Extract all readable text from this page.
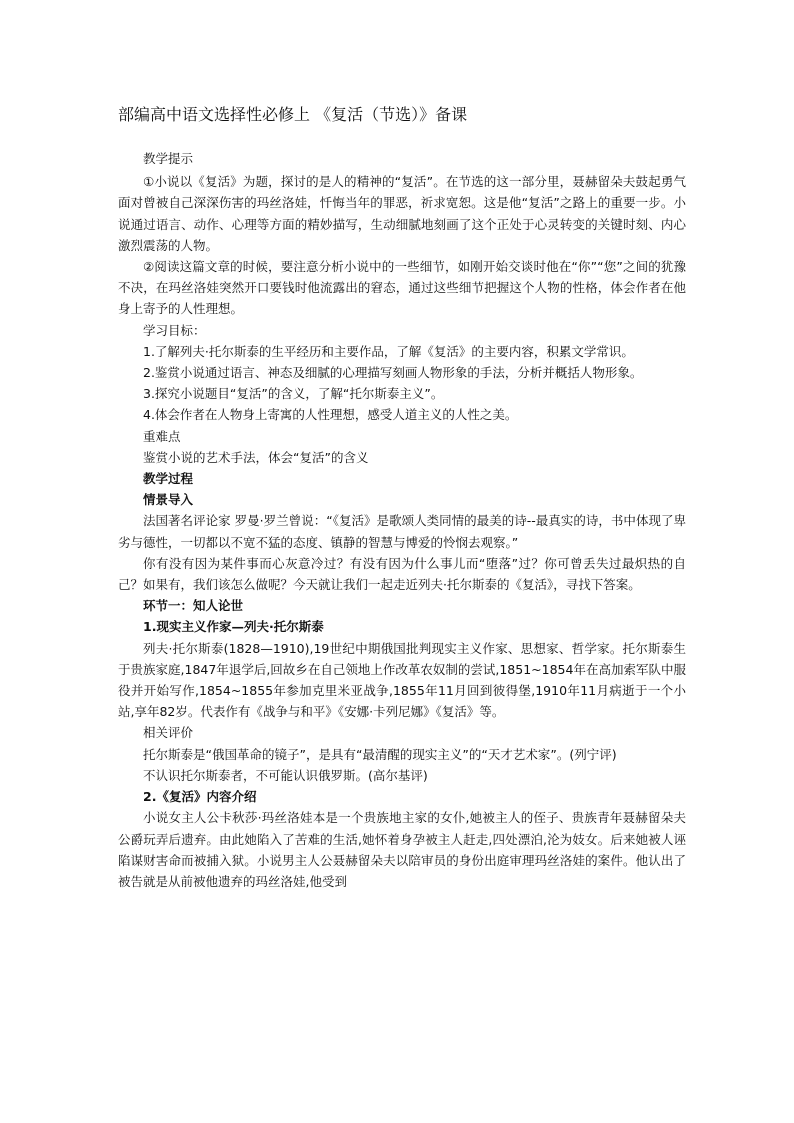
部编高中语文选择性必修上 《复活（节选）》备课

教学提示

①小说以《复活》为题，探讨的是人的精神的“复活”。在节选的这一部分里，聂赫留朵夫鼓起勇气面对曾被自己深深伤害的玛丝洛娃，忏悔当年的罪恶，祈求宽恕。这是他“复活”之路上的重要一步。小说通过语言、动作、心理等方面的精妙描写，生动细腻地刻画了这个正处于心灵转变的关键时刻、内心激烈震荡的人物。

②阅读这篇文章的时候，要注意分析小说中的一些细节，如刚开始交谈时他在“你”“您”之间的犹豫不决，在玛丝洛娃突然开口要钱时他流露出的窘态，通过这些细节把握这个人物的性格，体会作者在他身上寄予的人性理想。

学习目标：

1.了解列夫·托尔斯泰的生平经历和主要作品，了解《复活》的主要内容，积累文学常识。

2.鉴赏小说通过语言、神态及细腻的心理描写刻画人物形象的手法，分析并概括人物形象。

3.探究小说题目“复活”的含义，了解“托尔斯泰主义”。

4.体会作者在人物身上寄寓的人性理想，感受人道主义的人性之美。

重难点

鉴赏小说的艺术手法，体会“复活”的含义

教学过程

情景导入

法国著名评论家 罗曼·罗兰曾说：“《复活》是歌颂人类同情的最美的诗--最真实的诗，书中体现了卑劣与德性，一切都以不宽不猛的态度、镇静的智慧与博爱的怜悯去观察。”

你有没有因为某件事而心灰意冷过？有没有因为什么事儿而“堕落”过？你可曾丢失过最炽热的自己？如果有，我们该怎么做呢？今天就让我们一起走近列夫·托尔斯泰的《复活》，寻找下答案。

环节一：知人论世

1.现实主义作家—列夫·托尔斯泰

列夫·托尔斯泰(1828—1910),19世纪中期俄国批判现实主义作家、思想家、哲学家。托尔斯泰生于贵族家庭,1847年退学后,回故乡在自己领地上作改革农奴制的尝试,1851~1854年在高加索军队中服役并开始写作,1854~1855年参加克里米亚战争,1855年11月回到彼得堡,1910年11月病逝于一个小站,享年82岁。代表作有《战争与和平》《安娜·卡列尼娜》《复活》等。

相关评价

托尔斯泰是“俄国革命的镜子”，是具有“最清醒的现实主义”的“天才艺术家”。(列宁评)

不认识托尔斯泰者，不可能认识俄罗斯。(高尔基评)

2.《复活》内容介绍

小说女主人公卡秋莎·玛丝洛娃本是一个贵族地主家的女仆,她被主人的侄子、贵族青年聂赫留朵夫公爵玩弄后遗弃。由此她陷入了苦难的生活,她怀着身孕被主人赶走,四处漂泊,沦为妓女。后来她被人诬陷谋财害命而被捕入狱。小说男主人公聂赫留朵夫以陪审员的身份出庭审理玛丝洛娃的案件。他认出了被告就是从前被他遗弃的玛丝洛娃,他受到
